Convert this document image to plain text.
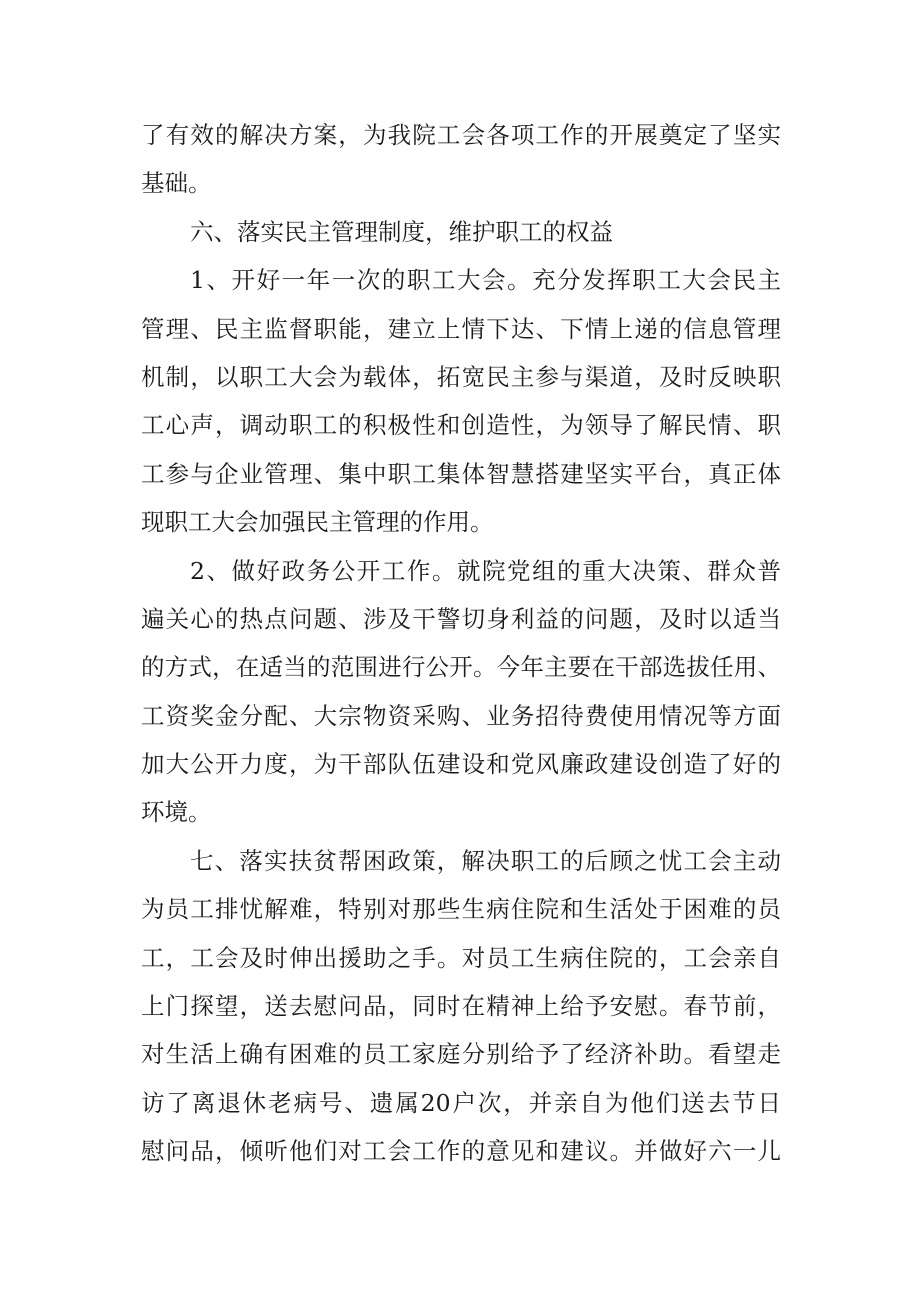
了有效的解决方案，为我院工会各项工作的开展奠定了坚实
基础。
六、落实民主管理制度，维护职工的权益
1、开好一年一次的职工大会。充分发挥职工大会民主
管理、民主监督职能，建立上情下达、下情上递的信息管理
机制，以职工大会为载体，拓宽民主参与渠道，及时反映职
工心声，调动职工的积极性和创造性，为领导了解民情、职
工参与企业管理、集中职工集体智慧搭建坚实平台，真正体
现职工大会加强民主管理的作用。
2、做好政务公开工作。就院党组的重大决策、群众普
遍关心的热点问题、涉及干警切身利益的问题，及时以适当
的方式，在适当的范围进行公开。今年主要在干部选拔任用、
工资奖金分配、大宗物资采购、业务招待费使用情况等方面
加大公开力度，为干部队伍建设和党风廉政建设创造了好的
环境。
七、落实扶贫帮困政策，解决职工的后顾之忧工会主动
为员工排忧解难，特别对那些生病住院和生活处于困难的员
工，工会及时伸出援助之手。对员工生病住院的，工会亲自
上门探望，送去慰问品，同时在精神上给予安慰。春节前，
对生活上确有困难的员工家庭分别给予了经济补助。看望走
访了离退休老病号、遗属20户次，并亲自为他们送去节日
慰问品，倾听他们对工会工作的意见和建议。并做好六一儿
